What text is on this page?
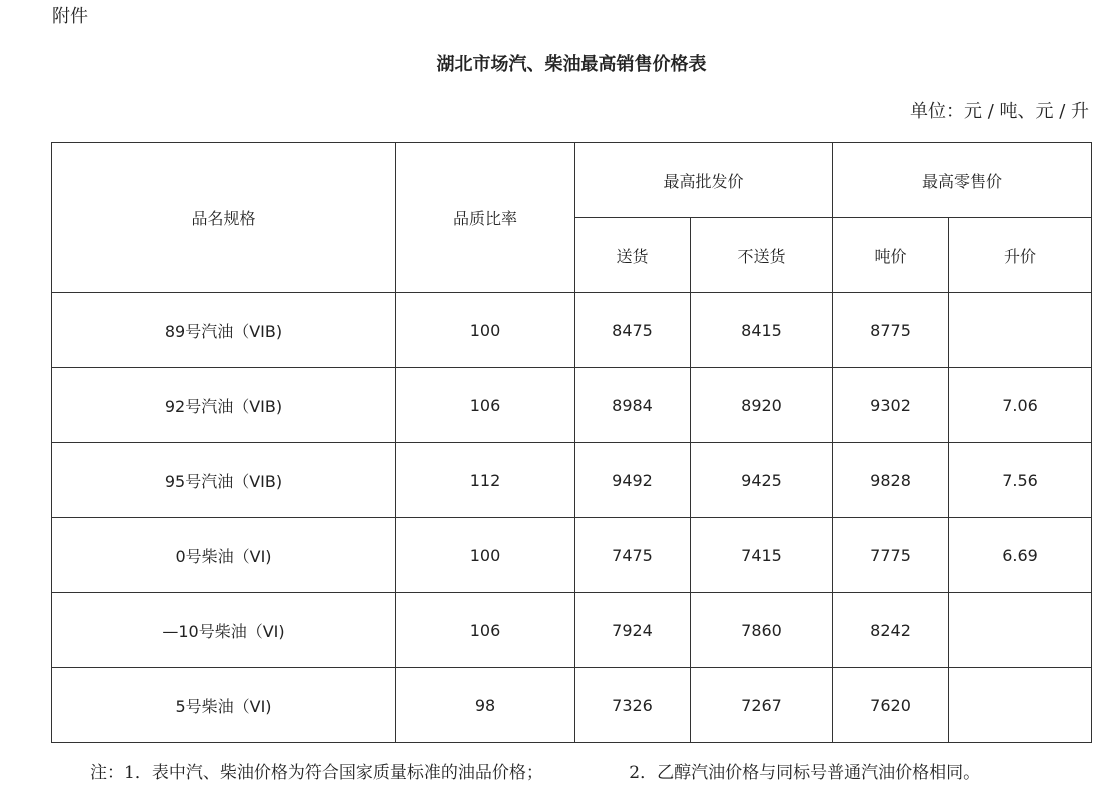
附件
湖北市场汽、柴油最高销售价格表
单位：元 / 吨、元 / 升
品名规格	品质比率	最高批发价		最高零售价	
		送货	不送货	吨价	升价
89号汽油（VIB)	100	8475	8415	8775	
92号汽油（VIB)	106	8984	8920	9302	7.06
95号汽油（VIB)	112	9492	9425	9828	7.56
0号柴油（VI)	100	7475	7415	7775	6.69
—10号柴油（VI)	106	7924	7860	8242	
5号柴油（VI)	98	7326	7267	7620	
注：1．表中汽、柴油价格为符合国家质量标准的油品价格；	2．乙醇汽油价格与同标号普通汽油价格相同。
